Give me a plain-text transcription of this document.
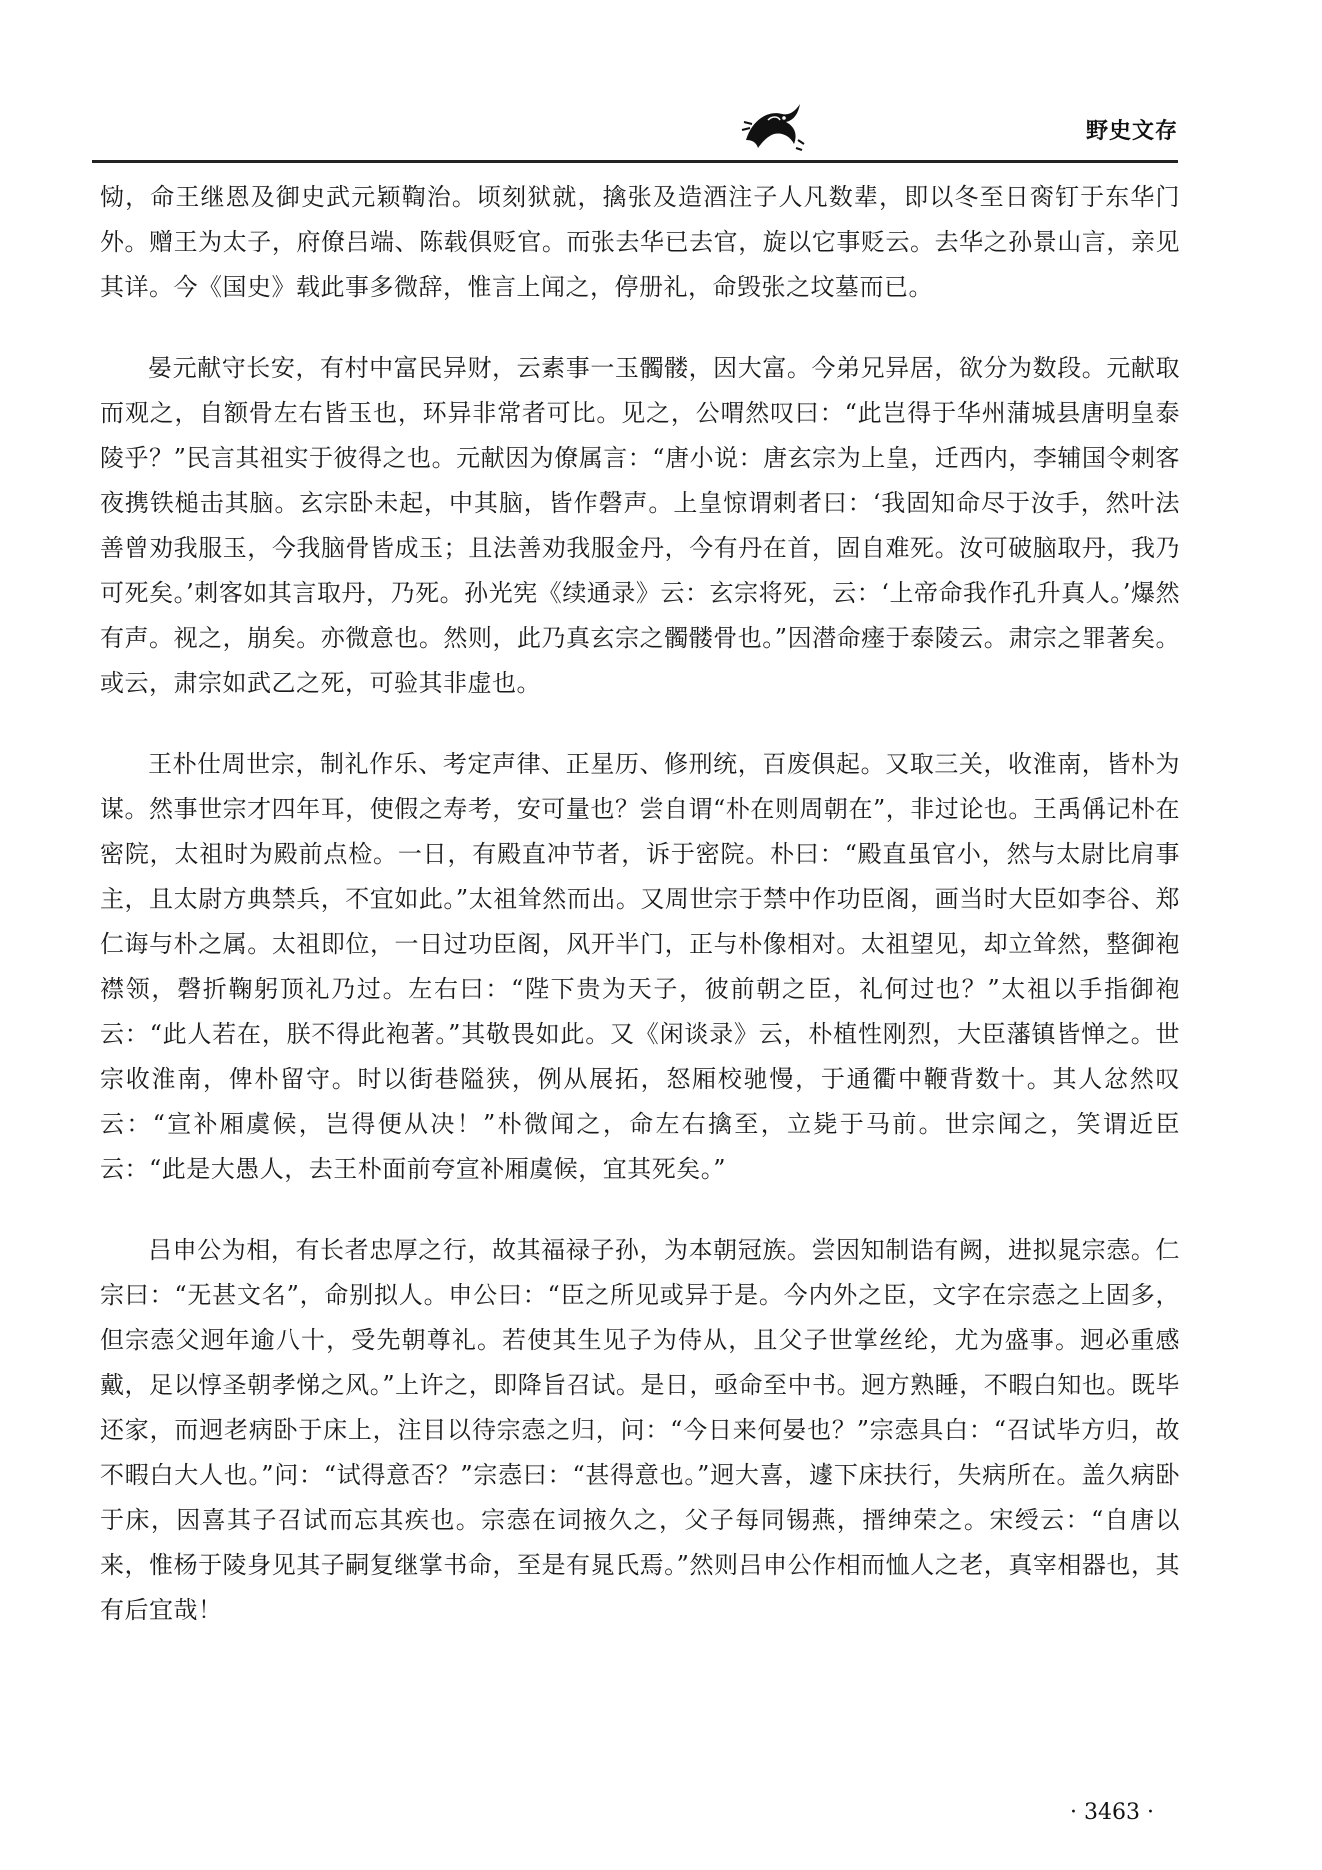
野史文存

恸，命王继恩及御史武元颖鞫治。顷刻狱就，擒张及造酒注子人凡数辈，即以冬至日脔钉于东华门外。赠王为太子，府僚吕端、陈载俱贬官。而张去华已去官，旋以它事贬云。去华之孙景山言，亲见其详。今《国史》载此事多微辞，惟言上闻之，停册礼，命毁张之坟墓而已。

晏元献守长安，有村中富民异财，云素事一玉髑髅，因大富。今弟兄异居，欲分为数段。元献取而观之，自额骨左右皆玉也，环异非常者可比。见之，公喟然叹曰：“此岂得于华州蒲城县唐明皇泰陵乎？”民言其祖实于彼得之也。元献因为僚属言：“唐小说：唐玄宗为上皇，迁西内，李辅国令刺客夜携铁槌击其脑。玄宗卧未起，中其脑，皆作磬声。上皇惊谓刺者曰：‘我固知命尽于汝手，然叶法善曾劝我服玉，今我脑骨皆成玉；且法善劝我服金丹，今有丹在首，固自难死。汝可破脑取丹，我乃可死矣。’刺客如其言取丹，乃死。孙光宪《续通录》云：玄宗将死，云：‘上帝命我作孔升真人。’爆然有声。视之，崩矣。亦微意也。然则，此乃真玄宗之髑髅骨也。”因潜命瘗于泰陵云。肃宗之罪著矣。或云，肃宗如武乙之死，可验其非虚也。

王朴仕周世宗，制礼作乐、考定声律、正星历、修刑统，百废俱起。又取三关，收淮南，皆朴为谋。然事世宗才四年耳，使假之寿考，安可量也？尝自谓“朴在则周朝在”，非过论也。王禹偁记朴在密院，太祖时为殿前点检。一日，有殿直冲节者，诉于密院。朴曰：“殿直虽官小，然与太尉比肩事主，且太尉方典禁兵，不宜如此。”太祖耸然而出。又周世宗于禁中作功臣阁，画当时大臣如李谷、郑仁诲与朴之属。太祖即位，一日过功臣阁，风开半门，正与朴像相对。太祖望见，却立耸然，整御袍襟领，磬折鞠躬顶礼乃过。左右曰：“陛下贵为天子，彼前朝之臣，礼何过也？”太祖以手指御袍云：“此人若在，朕不得此袍著。”其敬畏如此。又《闲谈录》云，朴植性刚烈，大臣藩镇皆惮之。世宗收淮南，俾朴留守。时以街巷隘狭，例从展拓，怒厢校驰慢，于通衢中鞭背数十。其人忿然叹云：“宣补厢虞候，岂得便从决！”朴微闻之，命左右擒至，立毙于马前。世宗闻之，笑谓近臣云：“此是大愚人，去王朴面前夸宣补厢虞候，宜其死矣。”

吕申公为相，有长者忠厚之行，故其福禄子孙，为本朝冠族。尝因知制诰有阙，进拟晁宗悫。仁宗曰：“无甚文名”，命别拟人。申公曰：“臣之所见或异于是。今内外之臣，文字在宗悫之上固多，但宗悫父迥年逾八十，受先朝尊礼。若使其生见子为侍从，且父子世掌丝纶，尤为盛事。迥必重感戴，足以惇圣朝孝悌之风。”上许之，即降旨召试。是日，亟命至中书。迥方熟睡，不暇白知也。既毕还家，而迥老病卧于床上，注目以待宗悫之归，问：“今日来何晏也？”宗悫具白：“召试毕方归，故不暇白大人也。”问：“试得意否？”宗悫曰：“甚得意也。”迥大喜，遽下床扶行，失病所在。盖久病卧于床，因喜其子召试而忘其疾也。宗悫在词掖久之，父子每同锡燕，搢绅荣之。宋绶云：“自唐以来，惟杨于陵身见其子嗣复继掌书命，至是有晁氏焉。”然则吕申公作相而恤人之老，真宰相器也，其有后宜哉！

· 3463 ·
